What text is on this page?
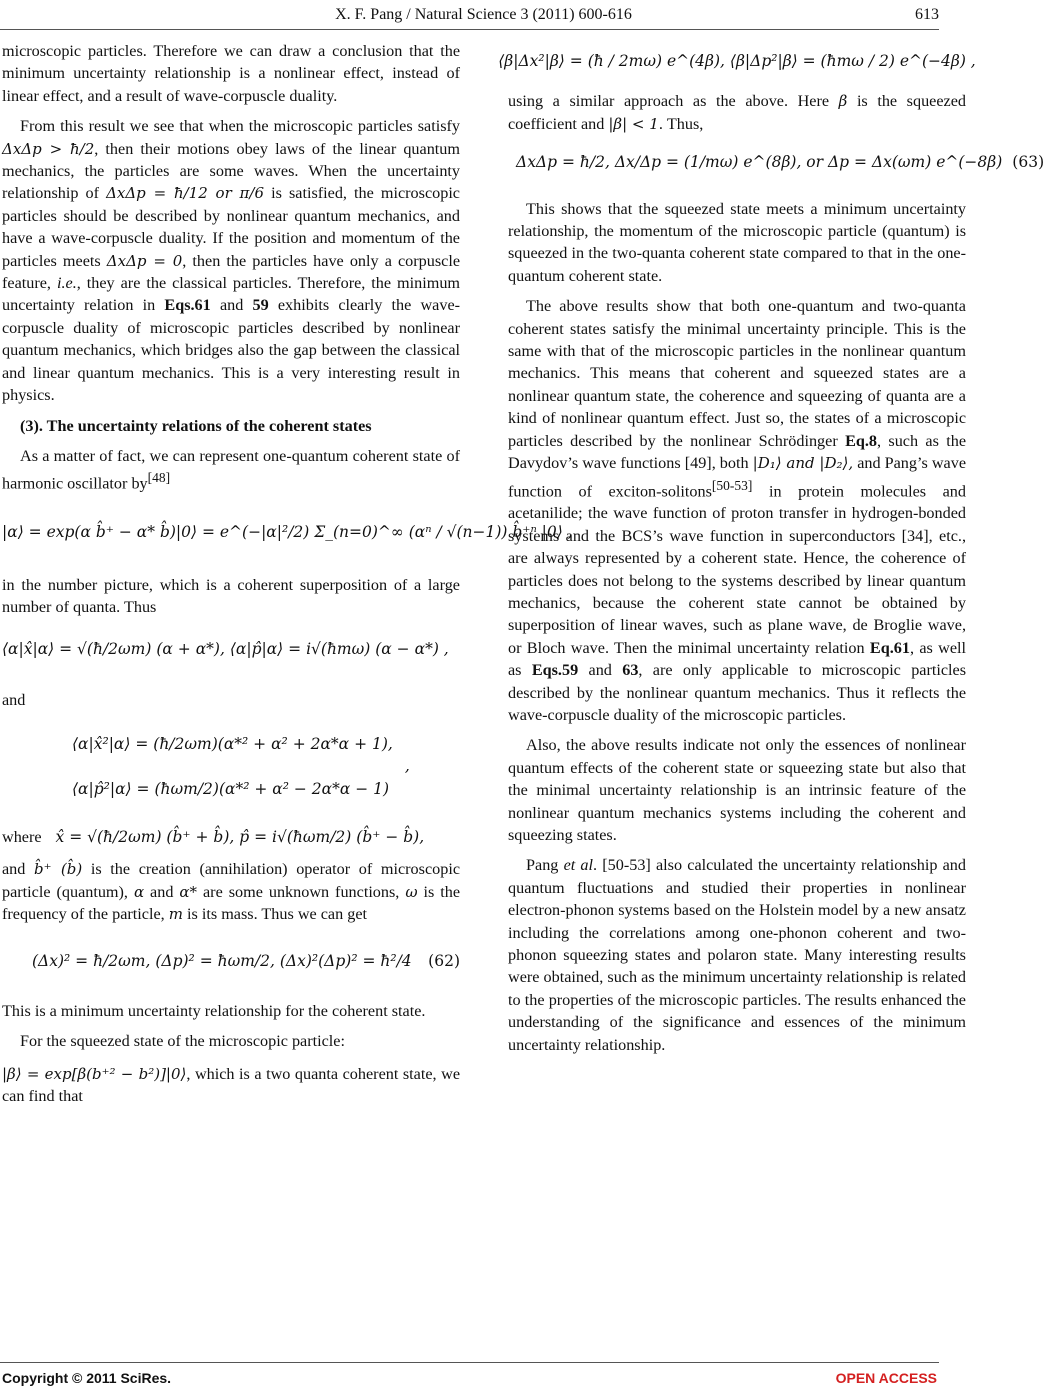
X. F. Pang / Natural Science 3 (2011) 600-616	613

microscopic particles. Therefore we can draw a conclusion that the minimum uncertainty relationship is a nonlinear effect, instead of linear effect, and a result of wave-corpuscle duality.

From this result we see that when the microscopic particles satisfy ΔxΔp > ħ/2, then their motions obey laws of the linear quantum mechanics, the particles are some waves. When the uncertainty relationship of ΔxΔp = ħ/12 or π/6 is satisfied, the microscopic particles should be described by nonlinear quantum mechanics, and have a wave-corpuscle duality. If the position and momentum of the particles meets ΔxΔp = 0, then the particles have only a corpuscle feature, i.e., they are the classical particles. Therefore, the minimum uncertainty relation in Eqs.61 and 59 exhibits clearly the wave-corpuscle duality of microscopic particles described by nonlinear quantum mechanics, which bridges also the gap between the classical and linear quantum mechanics. This is a very interesting result in physics.

(3). The uncertainty relations of the coherent states

As a matter of fact, we can represent one-quantum coherent state of harmonic oscillator by[48]

|α⟩ = exp(α b̂⁺ − α* b̂)|0⟩ = e^(−|α|²/2) Σ_(n=0)^∞ (αⁿ / √(n−1)) b̂⁺ⁿ |0⟩ ,

in the number picture, which is a coherent superposition of a large number of quanta. Thus

⟨α|x̂|α⟩ = √(ħ/2ωm) (α + α*), ⟨α|p̂|α⟩ = i√(ħmω) (α − α*) ,

and

⟨α|x̂²|α⟩ = (ħ/2ωm)(α*² + α² + 2α*α + 1),
⟨α|p̂²|α⟩ = (ħωm/2)(α*² + α² − 2α*α − 1)
,
where x̂ = √(ħ/2ωm) (b̂⁺ + b̂), p̂ = i√(ħωm/2) (b̂⁺ − b̂),

and b̂⁺ (b̂) is the creation (annihilation) operator of microscopic particle (quantum), α and α* are some unknown functions, ω is the frequency of the particle, m is its mass. Thus we can get

(Δx)² = ħ/2ωm, (Δp)² = ħωm/2, (Δx)²(Δp)² = ħ²/4	(62)

This is a minimum uncertainty relationship for the coherent state.

For the squeezed state of the microscopic particle:

|β⟩ = exp[β(b⁺² − b²)]|0⟩, which is a two quanta coherent state, we can find that

⟨β|Δx²|β⟩ = (ħ / 2mω) e^(4β), ⟨β|Δp²|β⟩ = (ħmω / 2) e^(−4β) ,

using a similar approach as the above. Here β is the squeezed coefficient and |β| < 1. Thus,

ΔxΔp = ħ/2, Δx/Δp = (1/mω) e^(8β), or Δp = Δx(ωm) e^(−8β) (63)

This shows that the squeezed state meets a minimum uncertainty relationship, the momentum of the microscopic particle (quantum) is squeezed in the two-quanta coherent state compared to that in the one-quantum coherent state.

The above results show that both one-quantum and two-quanta coherent states satisfy the minimal uncertainty principle. This is the same with that of the microscopic particles in the nonlinear quantum mechanics. This means that coherent and squeezed states are a nonlinear quantum state, the coherence and squeezing of quanta are a kind of nonlinear quantum effect. Just so, the states of a microscopic particles described by the nonlinear Schrödinger Eq.8, such as the Davydov’s wave functions [49], both |D₁⟩ and |D₂⟩, and Pang’s wave function of exciton-solitons[50-53] in protein molecules and acetanilide; the wave function of proton transfer in hydrogen-bonded systems and the BCS’s wave function in superconductors [34], etc., are always represented by a coherent state. Hence, the coherence of particles does not belong to the systems described by linear quantum mechanics, because the coherent state cannot be obtained by superposition of linear waves, such as plane wave, de Broglie wave, or Bloch wave. Then the minimal uncertainty relation Eq.61, as well as Eqs.59 and 63, are only applicable to microscopic particles described by the nonlinear quantum mechanics. Thus it reflects the wave-corpuscle duality of the microscopic particles.

Also, the above results indicate not only the essences of nonlinear quantum effects of the coherent state or squeezing state but also that the minimal uncertainty relationship is an intrinsic feature of the nonlinear quantum mechanics systems including the coherent and squeezing states.

Pang et al. [50-53] also calculated the uncertainty relationship and quantum fluctuations and studied their properties in nonlinear electron-phonon systems based on the Holstein model by a new ansatz including the correlations among one-phonon coherent and two-phonon squeezing states and polaron state. Many interesting results were obtained, such as the minimum uncertainty relationship is related to the properties of the microscopic particles. The results enhanced the understanding of the significance and essences of the minimum uncertainty relationship.

Copyright © 2011 SciRes.	OPEN ACCESS
